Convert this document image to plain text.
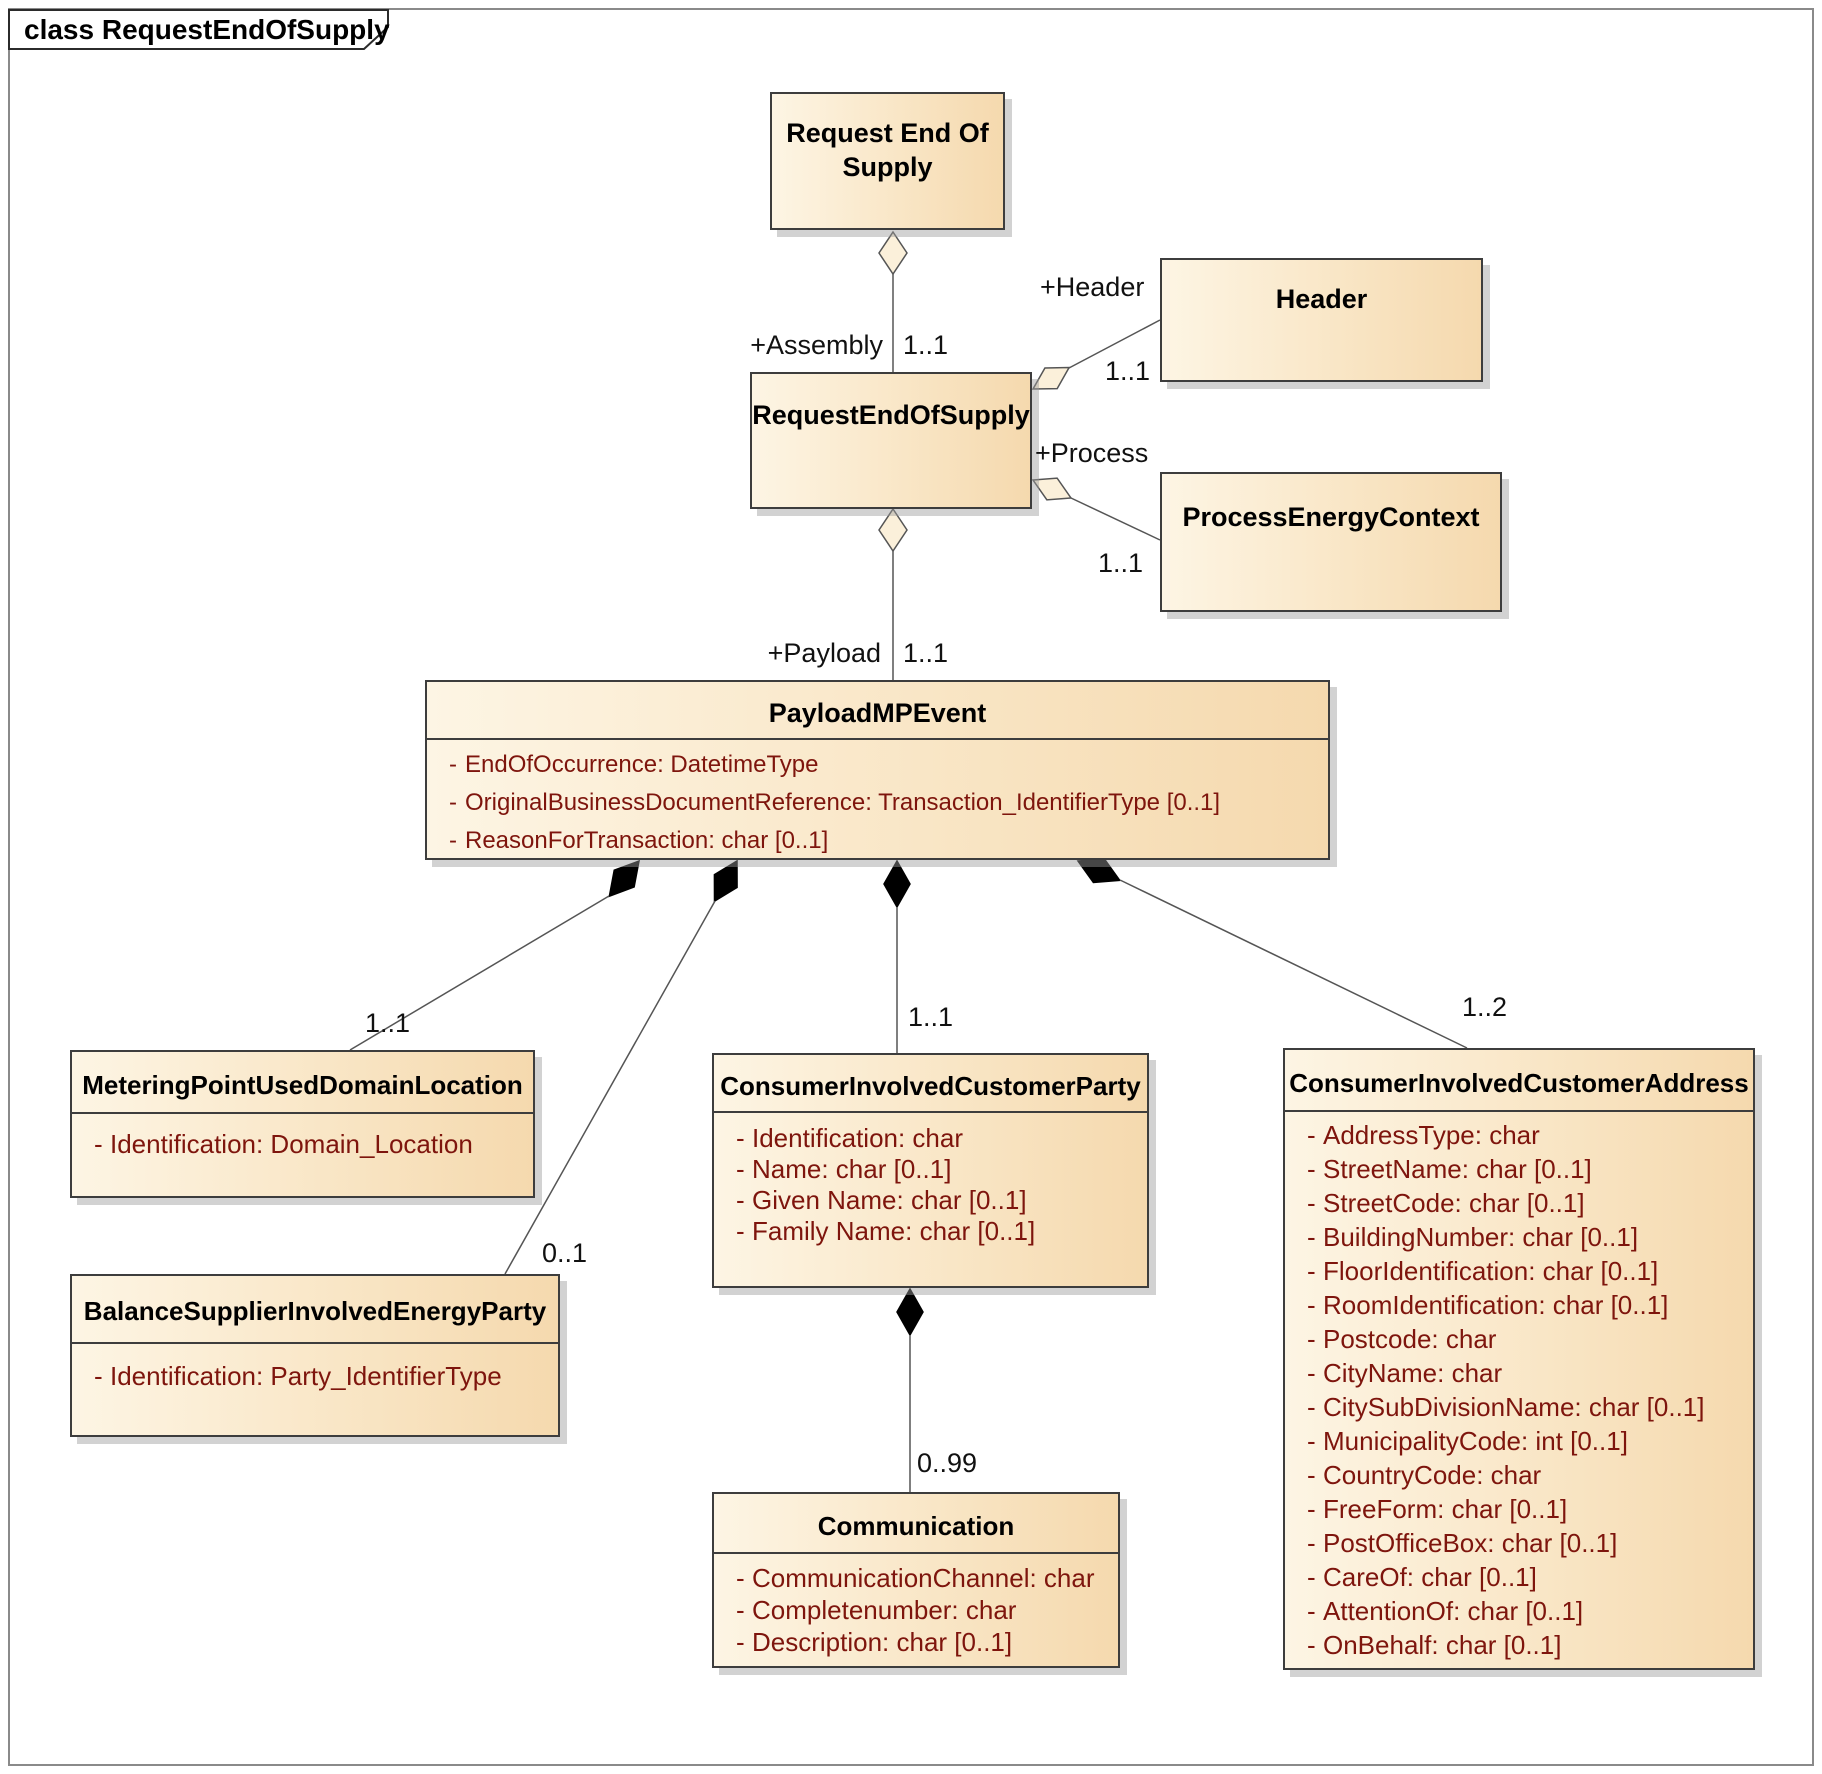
class RequestEndOfSupply
Request End Of Supply
RequestEndOfSupply
Header
ProcessEnergyContext
PayloadMPEvent
- EndOfOccurrence: DatetimeType
- OriginalBusinessDocumentReference: Transaction_IdentifierType [0..1]
- ReasonForTransaction: char [0..1]
MeteringPointUsedDomainLocation
- Identification: Domain_Location
BalanceSupplierInvolvedEnergyParty
- Identification: Party_IdentifierType
ConsumerInvolvedCustomerParty
- Identification: char
- Name: char [0..1]
- Given Name: char [0..1]
- Family Name: char [0..1]
Communication
- CommunicationChannel: char
- Completenumber: char
- Description: char [0..1]
ConsumerInvolvedCustomerAddress
- AddressType: char
- StreetName: char [0..1]
- StreetCode: char [0..1]
- BuildingNumber: char [0..1]
- FloorIdentification: char [0..1]
- RoomIdentification: char [0..1]
- Postcode: char
- CityName: char
- CitySubDivisionName: char [0..1]
- MunicipalityCode: int [0..1]
- CountryCode: char
- FreeForm: char [0..1]
- PostOfficeBox: char [0..1]
- CareOf: char [0..1]
- AttentionOf: char [0..1]
- OnBehalf: char [0..1]
+Assembly 1..1
+Header
1..1
+Process
1..1
+Payload 1..1
1..1
0..1
1..1	1..2
0..99
